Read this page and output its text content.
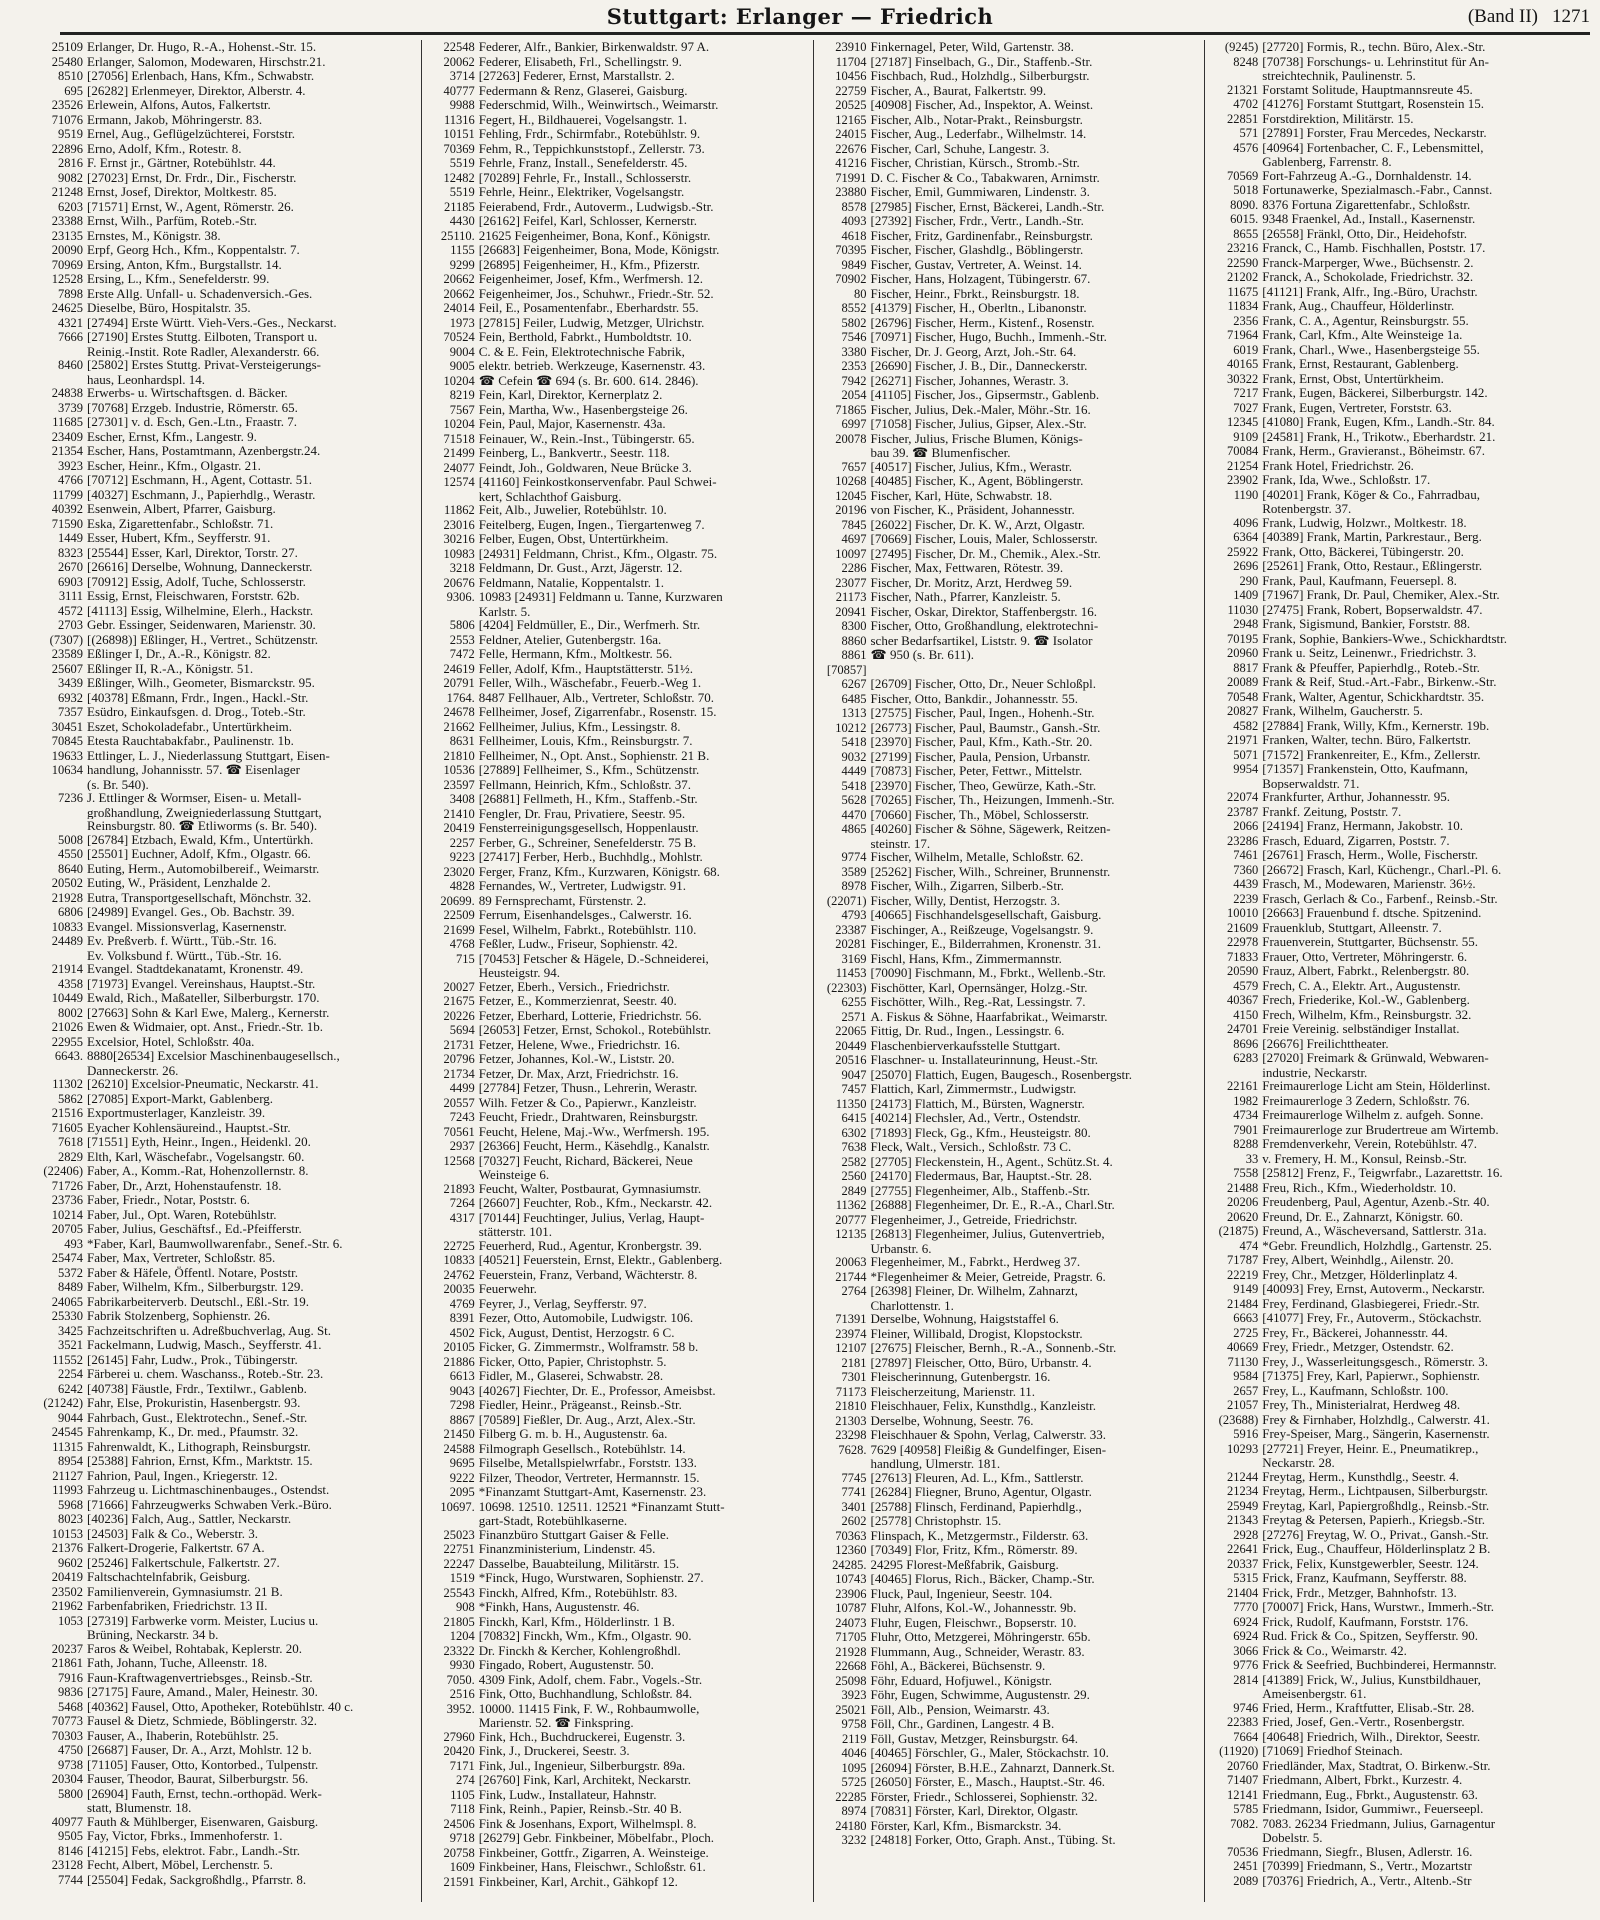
Stuttgart: Erlanger — Friedrich	(Band II) 1271
25109 Erlanger, Dr. Hugo, R.-A., Hohenst.-Str. 15.
25480 Erlanger, Salomon, Modewaren, Hirschstr.21.
8510 [27056] Erlenbach, Hans, Kfm., Schwabstr.
695 [26282] Erlenmeyer, Direktor, Alberstr. 4.
23526 Erlewein, Alfons, Autos, Falkertstr.
71076 Ermann, Jakob, Möhringerstr. 83.
9519 Ernel, Aug., Geflügelzüchterei, Forststr.
22896 Erno, Adolf, Kfm., Rotestr. 8.
2816 F. Ernst jr., Gärtner, Rotebühlstr. 44.
9082 [27023] Ernst, Dr. Frdr., Dir., Fischerstr.
21248 Ernst, Josef, Direktor, Moltkestr. 85.
6203 [71571] Ernst, W., Agent, Römerstr. 26.
23388 Ernst, Wilh., Parfüm, Roteb.-Str.
23135 Ernstes, M., Königstr. 38.
20090 Erpf, Georg Hch., Kfm., Koppentalstr. 7.
70969 Ersing, Anton, Kfm., Burgstallstr. 14.
12528 Ersing, L., Kfm., Senefelderstr. 99.
7898 Erste Allg. Unfall- u. Schadenversich.-Ges.
24625 Dieselbe, Büro, Hospitalstr. 35.
4321 [27494] Erste Württ. Vieh-Vers.-Ges., Neckarst.
7666 [27190] Erstes Stuttg. Eilboten, Transport u.
Reinig.-Instit. Rote Radler, Alexanderstr. 66.
8460 [25802] Erstes Stuttg. Privat-Versteigerungs-
haus, Leonhardspl. 14.
24838 Erwerbs- u. Wirtschaftsgen. d. Bäcker.
3739 [70768] Erzgeb. Industrie, Römerstr. 65.
11685 [27301] v. d. Esch, Gen.-Ltn., Fraastr. 7.
23409 Escher, Ernst, Kfm., Langestr. 9.
21354 Escher, Hans, Postamtmann, Azenbergstr.24.
3923 Escher, Heinr., Kfm., Olgastr. 21.
4766 [70712] Eschmann, H., Agent, Cottastr. 51.
11799 [40327] Eschmann, J., Papierhdlg., Werastr.
40392 Esenwein, Albert, Pfarrer, Gaisburg.
71590 Eska, Zigarettenfabr., Schloßstr. 71.
1449 Esser, Hubert, Kfm., Seyfferstr. 91.
8323 [25544] Esser, Karl, Direktor, Torstr. 27.
2670 [26616] Derselbe, Wohnung, Danneckerstr.
6903 [70912] Essig, Adolf, Tuche, Schlosserstr.
3111 Essig, Ernst, Fleischwaren, Forststr. 62b.
4572 [41113] Essig, Wilhelmine, Elerh., Hackstr.
2703 Gebr. Essinger, Seidenwaren, Marienstr. 30.
(7307) [(26898)] Eßlinger, H., Vertret., Schützenstr.
23589 Eßlinger I, Dr., A.-R., Königstr. 82.
25607 Eßlinger II, R.-A., Königstr. 51.
3439 Eßlinger, Wilh., Geometer, Bismarckstr. 95.
6932 [40378] Eßmann, Frdr., Ingen., Hackl.-Str.
7357 Esüdro, Einkaufsgen. d. Drog., Toteb.-Str.
30451 Eszet, Schokoladefabr., Untertürkheim.
70845 Etesta Rauchtabakfabr., Paulinenstr. 1b.
19633 Ettlinger, L. J., Niederlassung Stuttgart, Eisen-
10634 handlung, Johannisstr. 57. ☎ Eisenlager
(s. Br. 540).
7236 J. Ettlinger & Wormser, Eisen- u. Metall-
großhandlung, Zweigniederlassung Stuttgart,
Reinsburgstr. 80. ☎ Etliworms (s. Br. 540).
5008 [26784] Etzbach, Ewald, Kfm., Untertürkh.
4550 [25501] Euchner, Adolf, Kfm., Olgastr. 66.
8640 Euting, Herm., Automobilbereif., Weimarstr.
20502 Euting, W., Präsident, Lenzhalde 2.
21928 Eutra, Transportgesellschaft, Mönchstr. 32.
6806 [24989] Evangel. Ges., Ob. Bachstr. 39.
10833 Evangel. Missionsverlag, Kasernenstr.
24489 Ev. Preßverb. f. Württ., Tüb.-Str. 16.
Ev. Volksbund f. Württ., Tüb.-Str. 16.
21914 Evangel. Stadtdekanatamt, Kronenstr. 49.
4358 [71973] Evangel. Vereinshaus, Hauptst.-Str.
10449 Ewald, Rich., Maßateller, Silberburgstr. 170.
8002 [27663] Sohn & Karl Ewe, Malerg., Kernerstr.
21026 Ewen & Widmaier, opt. Anst., Friedr.-Str. 1b.
22955 Excelsior, Hotel, Schloßstr. 40a.
6643. 8880[26534] Excelsior Maschinenbaugesellsch.,
Danneckerstr. 26.
11302 [26210] Excelsior-Pneumatic, Neckarstr. 41.
5862 [27085] Export-Markt, Gablenberg.
21516 Exportmusterlager, Kanzleistr. 39.
71605 Eyacher Kohlensäureind., Hauptst.-Str.
7618 [71551] Eyth, Heinr., Ingen., Heidenkl. 20.
2829 Elth, Karl, Wäschefabr., Vogelsangstr. 60.
(22406) Faber, A., Komm.-Rat, Hohenzollernstr. 8.
71726 Faber, Dr., Arzt, Hohenstaufenstr. 18.
23736 Faber, Friedr., Notar, Poststr. 6.
10214 Faber, Jul., Opt. Waren, Rotebühlstr.
20705 Faber, Julius, Geschäftsf., Ed.-Pfeifferstr.
493 *Faber, Karl, Baumwollwarenfabr., Senef.-Str. 6.
25474 Faber, Max, Vertreter, Schloßstr. 85.
5372 Faber & Häfele, Öffentl. Notare, Poststr.
8489 Faber, Wilhelm, Kfm., Silberburgstr. 129.
24065 Fabrikarbeiterverb. Deutschl., Eßl.-Str. 19.
25330 Fabrik Stolzenberg, Sophienstr. 26.
3425 Fachzeitschriften u. Adreßbuchverlag, Aug. St.
3521 Fackelmann, Ludwig, Masch., Seyfferstr. 41.
11552 [26145] Fahr, Ludw., Prok., Tübingerstr.
2254 Färberei u. chem. Waschanss., Roteb.-Str. 23.
6242 [40738] Fäustle, Frdr., Textilwr., Gablenb.
(21242) Fahr, Else, Prokuristin, Hasenbergstr. 93.
9044 Fahrbach, Gust., Elektrotechn., Senef.-Str.
24545 Fahrenkamp, K., Dr. med., Pfaumstr. 32.
11315 Fahrenwaldt, K., Lithograph, Reinsburgstr.
8954 [25388] Fahrion, Ernst, Kfm., Marktstr. 15.
21127 Fahrion, Paul, Ingen., Kriegerstr. 12.
11993 Fahrzeug u. Lichtmaschinenbauges., Ostendst.
5968 [71666] Fahrzeugwerks Schwaben Verk.-Büro.
8023 [40236] Falch, Aug., Sattler, Neckarstr.
10153 [24503] Falk & Co., Weberstr. 3.
21376 Falkert-Drogerie, Falkertstr. 67 A.
9602 [25246] Falkertschule, Falkertstr. 27.
20419 Faltschachtelnfabrik, Geisburg.
23502 Familienverein, Gymnasiumstr. 21 B.
21962 Farbenfabriken, Friedrichstr. 13 II.
1053 [27319] Farbwerke vorm. Meister, Lucius u.
Brüning, Neckarstr. 34 b.
20237 Faros & Weibel, Rohtabak, Keplerstr. 20.
21861 Fath, Johann, Tuche, Alleenstr. 18.
7916 Faun-Kraftwagenvertriebsges., Reinsb.-Str.
9836 [27175] Faure, Amand., Maler, Heinestr. 30.
5468 [40362] Fausel, Otto, Apotheker, Rotebühlstr. 40 c.
70773 Fausel & Dietz, Schmiede, Böblingerstr. 32.
70303 Fauser, A., Ihaberin, Rotebühlstr. 25.
4750 [26687] Fauser, Dr. A., Arzt, Mohlstr. 12 b.
9738 [71105] Fauser, Otto, Kontorbed., Tulpenstr.
20304 Fauser, Theodor, Baurat, Silberburgstr. 56.
5800 [26904] Fauth, Ernst, techn.-orthopäd. Werk-
statt, Blumenstr. 18.
40977 Fauth & Mühlberger, Eisenwaren, Gaisburg.
9505 Fay, Victor, Fbrks., Immenhoferstr. 1.
8146 [41215] Febs, elektrot. Fabr., Landh.-Str.
23128 Fecht, Albert, Möbel, Lerchenstr. 5.
7744 [25504] Fedak, Sackgroßhdlg., Pfarrstr. 8.
22548 Federer, Alfr., Bankier, Birkenwaldstr. 97 A.
20062 Federer, Elisabeth, Frl., Schellingstr. 9.
3714 [27263] Federer, Ernst, Marstallstr. 2.
40777 Federmann & Renz, Glaserei, Gaisburg.
9988 Federschmid, Wilh., Weinwirtsch., Weimarstr.
11316 Fegert, H., Bildhauerei, Vogelsangstr. 1.
10151 Fehling, Frdr., Schirmfabr., Rotebühlstr. 9.
70369 Fehm, R., Teppichkunststopf., Zellerstr. 73.
5519 Fehrle, Franz, Install., Senefelderstr. 45.
12482 [70289] Fehrle, Fr., Install., Schlosserstr.
5519 Fehrle, Heinr., Elektriker, Vogelsangstr.
21185 Feierabend, Frdr., Autoverm., Ludwigsb.-Str.
4430 [26162] Feifel, Karl, Schlosser, Kernerstr.
25110. 21625 Feigenheimer, Bona, Konf., Königstr.
1155 [26683] Feigenheimer, Bona, Mode, Königstr.
9299 [26895] Feigenheimer, H., Kfm., Pfizerstr.
20662 Feigenheimer, Josef, Kfm., Werfmersh. 12.
20662 Feigenheimer, Jos., Schuhwr., Friedr.-Str. 52.
24014 Feil, E., Posamentenfabr., Eberhardstr. 55.
1973 [27815] Feiler, Ludwig, Metzger, Ulrichstr.
70524 Fein, Berthold, Fabrkt., Humboldtstr. 10.
9004 C. & E. Fein, Elektrotechnische Fabrik,
9005 elektr. betrieb. Werkzeuge, Kasernenstr. 43.
10204 ☎ Cefein ☎ 694 (s. Br. 600. 614. 2846).
8219 Fein, Karl, Direktor, Kernerplatz 2.
7567 Fein, Martha, Ww., Hasenbergsteige 26.
10204 Fein, Paul, Major, Kasernenstr. 43a.
71518 Feinauer, W., Rein.-Inst., Tübingerstr. 65.
21499 Feinberg, L., Bankvertr., Seestr. 118.
24077 Feindt, Joh., Goldwaren, Neue Brücke 3.
12574 [41160] Feinkostkonservenfabr. Paul Schwei-
kert, Schlachthof Gaisburg.
11862 Feit, Alb., Juwelier, Rotebühlstr. 10.
23016 Feitelberg, Eugen, Ingen., Tiergartenweg 7.
30216 Felber, Eugen, Obst, Untertürkheim.
10983 [24931] Feldmann, Christ., Kfm., Olgastr. 75.
3218 Feldmann, Dr. Gust., Arzt, Jägerstr. 12.
20676 Feldmann, Natalie, Koppentalstr. 1.
9306. 10983 [24931] Feldmann u. Tanne, Kurzwaren
Karlstr. 5.
5806 [4204] Feldmüller, E., Dir., Werfmerh. Str.
2553 Feldner, Atelier, Gutenbergstr. 16a.
7472 Felle, Hermann, Kfm., Moltkestr. 56.
24619 Feller, Adolf, Kfm., Hauptstätterstr. 51½.
20791 Feller, Wilh., Wäschefabr., Feuerb.-Weg 1.
1764. 8487 Fellhauer, Alb., Vertreter, Schloßstr. 70.
24678 Fellheimer, Josef, Zigarrenfabr., Rosenstr. 15.
21662 Fellheimer, Julius, Kfm., Lessingstr. 8.
8631 Fellheimer, Louis, Kfm., Reinsburgstr. 7.
21810 Fellheimer, N., Opt. Anst., Sophienstr. 21 B.
10536 [27889] Fellheimer, S., Kfm., Schützenstr.
23597 Fellmann, Heinrich, Kfm., Schloßstr. 37.
3408 [26881] Fellmeth, H., Kfm., Staffenb.-Str.
21410 Fengler, Dr. Frau, Privatiere, Seestr. 95.
20419 Fensterreinigungsgesellsch, Hoppenlaustr.
2257 Ferber, G., Schreiner, Senefelderstr. 75 B.
9223 [27417] Ferber, Herb., Buchhdlg., Mohlstr.
23020 Ferger, Franz, Kfm., Kurzwaren, Königstr. 68.
4828 Fernandes, W., Vertreter, Ludwigstr. 91.
20699. 89 Fernsprechamt, Fürstenstr. 2.
22509 Ferrum, Eisenhandelsges., Calwerstr. 16.
21699 Fesel, Wilhelm, Fabrkt., Rotebühlstr. 110.
4768 Feßler, Ludw., Friseur, Sophienstr. 42.
715 [70453] Fetscher & Hägele, D.-Schneiderei,
Heusteigstr. 94.
20027 Fetzer, Eberh., Versich., Friedrichstr.
21675 Fetzer, E., Kommerzienrat, Seestr. 40.
20226 Fetzer, Eberhard, Lotterie, Friedrichstr. 56.
5694 [26053] Fetzer, Ernst, Schokol., Rotebühlstr.
21731 Fetzer, Helene, Wwe., Friedrichstr. 16.
20796 Fetzer, Johannes, Kol.-W., Liststr. 20.
21734 Fetzer, Dr. Max, Arzt, Friedrichstr. 16.
4499 [27784] Fetzer, Thusn., Lehrerin, Werastr.
20557 Wilh. Fetzer & Co., Papierwr., Kanzleistr.
7243 Feucht, Friedr., Drahtwaren, Reinsburgstr.
70561 Feucht, Helene, Maj.-Ww., Werfmersh. 195.
2937 [26366] Feucht, Herm., Käsehdlg., Kanalstr.
12568 [70327] Feucht, Richard, Bäckerei, Neue
Weinsteige 6.
21893 Feucht, Walter, Postbaurat, Gymnasiumstr.
7264 [26607] Feuchter, Rob., Kfm., Neckarstr. 42.
4317 [70144] Feuchtinger, Julius, Verlag, Haupt-
stätterstr. 101.
22725 Feuerherd, Rud., Agentur, Kronbergstr. 39.
10833 [40521] Feuerstein, Ernst, Elektr., Gablenberg.
24762 Feuerstein, Franz, Verband, Wächterstr. 8.
20035 Feuerwehr.
4769 Feyrer, J., Verlag, Seyfferstr. 97.
8391 Fezer, Otto, Automobile, Ludwigstr. 106.
4502 Fick, August, Dentist, Herzogstr. 6 C.
20105 Ficker, G. Zimmermstr., Wolframstr. 58 b.
21886 Ficker, Otto, Papier, Christophstr. 5.
6613 Fidler, M., Glaserei, Schwabstr. 28.
9043 [40267] Fiechter, Dr. E., Professor, Ameisbst.
7298 Fiedler, Heinr., Prägeanst., Reinsb.-Str.
8867 [70589] Fießler, Dr. Aug., Arzt, Alex.-Str.
21450 Filberg G. m. b. H., Augustenstr. 6a.
24588 Filmograph Gesellsch., Rotebühlstr. 14.
9695 Filselbe, Metallspielwrfabr., Forststr. 133.
9222 Filzer, Theodor, Vertreter, Hermannstr. 15.
2095 *Finanzamt Stuttgart-Amt, Kasernenstr. 23.
10697. 10698. 12510. 12511. 12521 *Finanzamt Stutt-
gart-Stadt, Rotebühlkaserne.
25023 Finanzbüro Stuttgart Gaiser & Felle.
22751 Finanzministerium, Lindenstr. 45.
22247 Dasselbe, Bauabteilung, Militärstr. 15.
1519 *Finck, Hugo, Wurstwaren, Sophienstr. 27.
25543 Finckh, Alfred, Kfm., Rotebühlstr. 83.
908 *Finkh, Hans, Augustenstr. 46.
21805 Finckh, Karl, Kfm., Hölderlinstr. 1 B.
1204 [70832] Finckh, Wm., Kfm., Olgastr. 90.
23322 Dr. Finckh & Kercher, Kohlengroßhdl.
9930 Fingado, Robert, Augustenstr. 50.
7050. 4309 Fink, Adolf, chem. Fabr., Vogels.-Str.
2516 Fink, Otto, Buchhandlung, Schloßstr. 84.
3952. 10000. 11415 Fink, F. W., Rohbaumwolle,
Marienstr. 52. ☎ Finkspring.
27960 Fink, Hch., Buchdruckerei, Eugenstr. 3.
20420 Fink, J., Druckerei, Seestr. 3.
7171 Fink, Jul., Ingenieur, Silberburgstr. 89a.
274 [26760] Fink, Karl, Architekt, Neckarstr.
1105 Fink, Ludw., Installateur, Hahnstr.
7118 Fink, Reinh., Papier, Reinsb.-Str. 40 B.
24506 Fink & Josenhans, Export, Wilhelmspl. 8.
9718 [26279] Gebr. Finkbeiner, Möbelfabr., Ploch.
20758 Finkbeiner, Gottfr., Zigarren, A. Weinsteige.
1609 Finkbeiner, Hans, Fleischwr., Schloßstr. 61.
21591 Finkbeiner, Karl, Archit., Gähkopf 12.
23910 Finkernagel, Peter, Wild, Gartenstr. 38.
11704 [27187] Finselbach, G., Dir., Staffenb.-Str.
10456 Fischbach, Rud., Holzhdlg., Silberburgstr.
22759 Fischer, A., Baurat, Falkertstr. 99.
20525 [40908] Fischer, Ad., Inspektor, A. Weinst.
12165 Fischer, Alb., Notar-Prakt., Reinsburgstr.
24015 Fischer, Aug., Lederfabr., Wilhelmstr. 14.
22676 Fischer, Carl, Schuhe, Langestr. 3.
41216 Fischer, Christian, Kürsch., Stromb.-Str.
71991 D. C. Fischer & Co., Tabakwaren, Arnimstr.
23880 Fischer, Emil, Gummiwaren, Lindenstr. 3.
8578 [27985] Fischer, Ernst, Bäckerei, Landh.-Str.
4093 [27392] Fischer, Frdr., Vertr., Landh.-Str.
4618 Fischer, Fritz, Gardinenfabr., Reinsburgstr.
70395 Fischer, Fischer, Glashdlg., Böblingerstr.
9849 Fischer, Gustav, Vertreter, A. Weinst. 14.
70902 Fischer, Hans, Holzagent, Tübingerstr. 67.
80 Fischer, Heinr., Fbrkt., Reinsburgstr. 18.
8552 [41379] Fischer, H., Oberltn., Libanonstr.
5802 [26796] Fischer, Herm., Kistenf., Rosenstr.
7546 [70971] Fischer, Hugo, Buchh., Immenh.-Str.
3380 Fischer, Dr. J. Georg, Arzt, Joh.-Str. 64.
2353 [26690] Fischer, J. B., Dir., Danneckerstr.
7942 [26271] Fischer, Johannes, Werastr. 3.
2054 [41105] Fischer, Jos., Gipsermstr., Gablenb.
71865 Fischer, Julius, Dek.-Maler, Möhr.-Str. 16.
6997 [71058] Fischer, Julius, Gipser, Alex.-Str.
20078 Fischer, Julius, Frische Blumen, Königs-
bau 39. ☎ Blumenfischer.
7657 [40517] Fischer, Julius, Kfm., Werastr.
10268 [40485] Fischer, K., Agent, Böblingerstr.
12045 Fischer, Karl, Hüte, Schwabstr. 18.
20196 von Fischer, K., Präsident, Johannesstr.
7845 [26022] Fischer, Dr. K. W., Arzt, Olgastr.
4697 [70669] Fischer, Louis, Maler, Schlosserstr.
10097 [27495] Fischer, Dr. M., Chemik., Alex.-Str.
2286 Fischer, Max, Fettwaren, Rötestr. 39.
23077 Fischer, Dr. Moritz, Arzt, Herdweg 59.
21173 Fischer, Nath., Pfarrer, Kanzleistr. 5.
20941 Fischer, Oskar, Direktor, Staffenbergstr. 16.
8300 Fischer, Otto, Großhandlung, elektrotechni-
8860 scher Bedarfsartikel, Liststr. 9. ☎ Isolator
8861 ☎ 950 (s. Br. 611).
[70857]
6267 [26709] Fischer, Otto, Dr., Neuer Schloßpl.
6485 Fischer, Otto, Bankdir., Johannesstr. 55.
1313 [27575] Fischer, Paul, Ingen., Hohenh.-Str.
10212 [26773] Fischer, Paul, Baumstr., Gansh.-Str.
5418 [23970] Fischer, Paul, Kfm., Kath.-Str. 20.
9032 [27199] Fischer, Paula, Pension, Urbanstr.
4449 [70873] Fischer, Peter, Fettwr., Mittelstr.
5418 [23970] Fischer, Theo, Gewürze, Kath.-Str.
5628 [70265] Fischer, Th., Heizungen, Immenh.-Str.
4470 [70660] Fischer, Th., Möbel, Schlosserstr.
4865 [40260] Fischer & Söhne, Sägewerk, Reitzen-
steinstr. 17.
9774 Fischer, Wilhelm, Metalle, Schloßstr. 62.
3589 [25262] Fischer, Wilh., Schreiner, Brunnenstr.
8978 Fischer, Wilh., Zigarren, Silberb.-Str.
(22071) Fischer, Willy, Dentist, Herzogstr. 3.
4793 [40665] Fischhandelsgesellschaft, Gaisburg.
23387 Fischinger, A., Reißzeuge, Vogelsangstr. 9.
20281 Fischinger, E., Bilderrahmen, Kronenstr. 31.
3169 Fischl, Hans, Kfm., Zimmermannstr.
11453 [70090] Fischmann, M., Fbrkt., Wellenb.-Str.
(22303) Fischötter, Karl, Opernsänger, Holzg.-Str.
6255 Fischötter, Wilh., Reg.-Rat, Lessingstr. 7.
2571 A. Fiskus & Söhne, Haarfabrikat., Weimarstr.
22065 Fittig, Dr. Rud., Ingen., Lessingstr. 6.
20449 Flaschenbierverkaufsstelle Stuttgart.
20516 Flaschner- u. Installateurinnung, Heust.-Str.
9047 [25070] Flattich, Eugen, Baugesch., Rosenbergstr.
7457 Flattich, Karl, Zimmermstr., Ludwigstr.
11350 [24173] Flattich, M., Bürsten, Wagnerstr.
6415 [40214] Flechsler, Ad., Vertr., Ostendstr.
6302 [71893] Fleck, Gg., Kfm., Heusteigstr. 80.
7638 Fleck, Walt., Versich., Schloßstr. 73 C.
2582 [27705] Fleckenstein, H., Agent., Schütz.St. 4.
2560 [24170] Fledermaus, Bar, Hauptst.-Str. 28.
2849 [27755] Flegenheimer, Alb., Staffenb.-Str.
11362 [26888] Flegenheimer, Dr. E., R.-A., Charl.Str.
20777 Flegenheimer, J., Getreide, Friedrichstr.
12135 [26813] Flegenheimer, Julius, Gutenvertrieb,
Urbanstr. 6.
20063 Flegenheimer, M., Fabrkt., Herdweg 37.
21744 *Flegenheimer & Meier, Getreide, Pragstr. 6.
2764 [26398] Fleiner, Dr. Wilhelm, Zahnarzt,
Charlottenstr. 1.
71391 Derselbe, Wohnung, Haigststaffel 6.
23974 Fleiner, Willibald, Drogist, Klopstockstr.
12107 [27675] Fleischer, Bernh., R.-A., Sonnenb.-Str.
2181 [27897] Fleischer, Otto, Büro, Urbanstr. 4.
7301 Fleischerinnung, Gutenbergstr. 16.
71173 Fleischerzeitung, Marienstr. 11.
21810 Fleischhauer, Felix, Kunsthdlg., Kanzleistr.
21303 Derselbe, Wohnung, Seestr. 76.
23298 Fleischhauer & Spohn, Verlag, Calwerstr. 33.
7628. 7629 [40958] Fleißig & Gundelfinger, Eisen-
handlung, Ulmerstr. 181.
7745 [27613] Fleuren, Ad. L., Kfm., Sattlerstr.
7741 [26284] Fliegner, Bruno, Agentur, Olgastr.
3401 [25788] Flinsch, Ferdinand, Papierhdlg.,
2602 [25778] Christophstr. 15.
70363 Flinspach, K., Metzgermstr., Filderstr. 63.
12360 [70349] Flor, Fritz, Kfm., Römerstr. 89.
24285. 24295 Florest-Meßfabrik, Gaisburg.
10743 [40465] Florus, Rich., Bäcker, Champ.-Str.
23906 Fluck, Paul, Ingenieur, Seestr. 104.
10787 Fluhr, Alfons, Kol.-W., Johannesstr. 9b.
24073 Fluhr, Eugen, Fleischwr., Bopserstr. 10.
71705 Fluhr, Otto, Metzgerei, Möhringerstr. 65b.
21928 Flummann, Aug., Schneider, Werastr. 83.
22668 Föhl, A., Bäckerei, Büchsenstr. 9.
25098 Föhr, Eduard, Hofjuwel., Königstr.
3923 Föhr, Eugen, Schwimme, Augustenstr. 29.
25021 Föll, Alb., Pension, Weimarstr. 43.
9758 Föll, Chr., Gardinen, Langestr. 4 B.
2119 Föll, Gustav, Metzger, Reinsburgstr. 64.
4046 [40465] Förschler, G., Maler, Stöckachstr. 10.
1095 [26094] Förster, B.H.E., Zahnarzt, Dannerk.St.
5725 [26050] Förster, E., Masch., Hauptst.-Str. 46.
22285 Förster, Friedr., Schlosserei, Sophienstr. 32.
8974 [70831] Förster, Karl, Direktor, Olgastr.
24180 Förster, Karl, Kfm., Bismarckstr. 34.
3232 [24818] Forker, Otto, Graph. Anst., Tübing. St.
(9245) [27720] Formis, R., techn. Büro, Alex.-Str.
8248 [70738] Forschungs- u. Lehrinstitut für An-
streichtechnik, Paulinenstr. 5.
21321 Forstamt Solitude, Hauptmannsreute 45.
4702 [41276] Forstamt Stuttgart, Rosenstein 15.
22851 Forstdirektion, Militärstr. 15.
571 [27891] Forster, Frau Mercedes, Neckarstr.
4576 [40964] Fortenbacher, C. F., Lebensmittel,
Gablenberg, Farrenstr. 8.
70569 Fort-Fahrzeug A.-G., Dornhaldenstr. 14.
5018 Fortunawerke, Spezialmasch.-Fabr., Cannst.
8090. 8376 Fortuna Zigarettenfabr., Schloßstr.
6015. 9348 Fraenkel, Ad., Install., Kasernenstr.
8655 [26558] Fränkl, Otto, Dir., Heidehofstr.
23216 Franck, C., Hamb. Fischhallen, Poststr. 17.
22590 Franck-Marperger, Wwe., Büchsenstr. 2.
21202 Franck, A., Schokolade, Friedrichstr. 32.
11675 [41121] Frank, Alfr., Ing.-Büro, Urachstr.
11834 Frank, Aug., Chauffeur, Hölderlinstr.
2356 Frank, C. A., Agentur, Reinsburgstr. 55.
71964 Frank, Carl, Kfm., Alte Weinsteige 1a.
6019 Frank, Charl., Wwe., Hasenbergsteige 55.
40165 Frank, Ernst, Restaurant, Gablenberg.
30322 Frank, Ernst, Obst, Untertürkheim.
7217 Frank, Eugen, Bäckerei, Silberburgstr. 142.
7027 Frank, Eugen, Vertreter, Forststr. 63.
12345 [41080] Frank, Eugen, Kfm., Landh.-Str. 84.
9109 [24581] Frank, H., Trikotw., Eberhardstr. 21.
70084 Frank, Herm., Gravieranst., Böheimstr. 67.
21254 Frank Hotel, Friedrichstr. 26.
23902 Frank, Ida, Wwe., Schloßstr. 17.
1190 [40201] Frank, Köger & Co., Fahrradbau,
Rotenbergstr. 37.
4096 Frank, Ludwig, Holzwr., Moltkestr. 18.
6364 [40389] Frank, Martin, Parkrestaur., Berg.
25922 Frank, Otto, Bäckerei, Tübingerstr. 20.
2696 [25261] Frank, Otto, Restaur., Eßlingerstr.
290 Frank, Paul, Kaufmann, Feuersepl. 8.
1409 [71967] Frank, Dr. Paul, Chemiker, Alex.-Str.
11030 [27475] Frank, Robert, Bopserwaldstr. 47.
2948 Frank, Sigismund, Bankier, Forststr. 88.
70195 Frank, Sophie, Bankiers-Wwe., Schickhardtstr.
20960 Frank u. Seitz, Leinenwr., Friedrichstr. 3.
8817 Frank & Pfeuffer, Papierhdlg., Roteb.-Str.
20089 Frank & Reif, Stud.-Art.-Fabr., Birkenw.-Str.
70548 Frank, Walter, Agentur, Schickhardtstr. 35.
20827 Frank, Wilhelm, Gaucherstr. 5.
4582 [27884] Frank, Willy, Kfm., Kernerstr. 19b.
21971 Franken, Walter, techn. Büro, Falkertstr.
5071 [71572] Frankenreiter, E., Kfm., Zellerstr.
9954 [71357] Frankenstein, Otto, Kaufmann,
Bopserwaldstr. 71.
22074 Frankfurter, Arthur, Johannesstr. 95.
23787 Frankf. Zeitung, Poststr. 7.
2066 [24194] Franz, Hermann, Jakobstr. 10.
23286 Frasch, Eduard, Zigarren, Poststr. 7.
7461 [26761] Frasch, Herm., Wolle, Fischerstr.
7360 [26672] Frasch, Karl, Küchengr., Charl.-Pl. 6.
4439 Frasch, M., Modewaren, Marienstr. 36½.
2239 Frasch, Gerlach & Co., Farbenf., Reinsb.-Str.
10010 [26663] Frauenbund f. dtsche. Spitzenind.
21609 Frauenklub, Stuttgart, Alleenstr. 7.
22978 Frauenverein, Stuttgarter, Büchsenstr. 55.
71833 Frauer, Otto, Vertreter, Möhringerstr. 6.
20590 Frauz, Albert, Fabrkt., Relenbergstr. 80.
4579 Frech, C. A., Elektr. Art., Augustenstr.
40367 Frech, Friederike, Kol.-W., Gablenberg.
4150 Frech, Wilhelm, Kfm., Reinsburgstr. 32.
24701 Freie Vereinig. selbständiger Installat.
8696 [26676] Freilichttheater.
6283 [27020] Freimark & Grünwald, Webwaren-
industrie, Neckarstr.
22161 Freimaurerloge Licht am Stein, Hölderlinst.
1982 Freimaurerloge 3 Zedern, Schloßstr. 76.
4734 Freimaurerloge Wilhelm z. aufgeh. Sonne.
7901 Freimaurerloge zur Brudertreue am Wirtemb.
8288 Fremdenverkehr, Verein, Rotebühlstr. 47.
33 v. Fremery, H. M., Konsul, Reinsb.-Str.
7558 [25812] Frenz, F., Teigwrfabr., Lazarettstr. 16.
21488 Freu, Rich., Kfm., Wiederholdstr. 10.
20206 Freudenberg, Paul, Agentur, Azenb.-Str. 40.
20620 Freund, Dr. E., Zahnarzt, Königstr. 60.
(21875) Freund, A., Wäscheversand, Sattlerstr. 31a.
474 *Gebr. Freundlich, Holzhdlg., Gartenstr. 25.
71787 Frey, Albert, Weinhdlg., Ailenstr. 20.
22219 Frey, Chr., Metzger, Hölderlinplatz 4.
9149 [40093] Frey, Ernst, Autoverm., Neckarstr.
21484 Frey, Ferdinand, Glasbiegerei, Friedr.-Str.
6663 [41077] Frey, Fr., Autoverm., Stöckachstr.
2725 Frey, Fr., Bäckerei, Johannesstr. 44.
40669 Frey, Friedr., Metzger, Ostendstr. 62.
71130 Frey, J., Wasserleitungsgesch., Römerstr. 3.
9584 [71375] Frey, Karl, Papierwr., Sophienstr.
2657 Frey, L., Kaufmann, Schloßstr. 100.
21057 Frey, Th., Ministerialrat, Herdweg 48.
(23688) Frey & Firnhaber, Holzhdlg., Calwerstr. 41.
5916 Frey-Speiser, Marg., Sängerin, Kasernenstr.
10293 [27721] Freyer, Heinr. E., Pneumatikrep.,
Neckarstr. 28.
21244 Freytag, Herm., Kunsthdlg., Seestr. 4.
21234 Freytag, Herm., Lichtpausen, Silberburgstr.
25949 Freytag, Karl, Papiergroßhdlg., Reinsb.-Str.
21343 Freytag & Petersen, Papierh., Kriegsb.-Str.
2928 [27276] Freytag, W. O., Privat., Gansh.-Str.
22641 Frick, Eug., Chauffeur, Hölderlinsplatz 2 B.
20337 Frick, Felix, Kunstgewerbler, Seestr. 124.
5315 Frick, Franz, Kaufmann, Seyfferstr. 88.
21404 Frick, Frdr., Metzger, Bahnhofstr. 13.
7770 [70007] Frick, Hans, Wurstwr., Immerh.-Str.
6924 Frick, Rudolf, Kaufmann, Forststr. 176.
6924 Rud. Frick & Co., Spitzen, Seyfferstr. 90.
3066 Frick & Co., Weimarstr. 42.
9776 Frick & Seefried, Buchbinderei, Hermannstr.
2814 [41389] Frick, W., Julius, Kunstbildhauer,
Ameisenbergstr. 61.
9746 Fried, Herm., Kraftfutter, Elisab.-Str. 28.
22383 Fried, Josef, Gen.-Vertr., Rosenbergstr.
7664 [40648] Friedrich, Wilh., Direktor, Seestr.
(11920) [71069] Friedhof Steinach.
20760 Friedländer, Max, Stadtrat, O. Birkenw.-Str.
71407 Friedmann, Albert, Fbrkt., Kurzestr. 4.
12141 Friedmann, Eug., Fbrkt., Augustenstr. 63.
5785 Friedmann, Isidor, Gummiwr., Feuerseepl.
7082. 7083. 26234 Friedmann, Julius, Garnagentur
Dobelstr. 5.
70536 Friedmann, Siegfr., Blusen, Adlerstr. 16.
2451 [70399] Friedmann, S., Vertr., Mozartstr
2089 [70376] Friedrich, A., Vertr., Altenb.-Str
